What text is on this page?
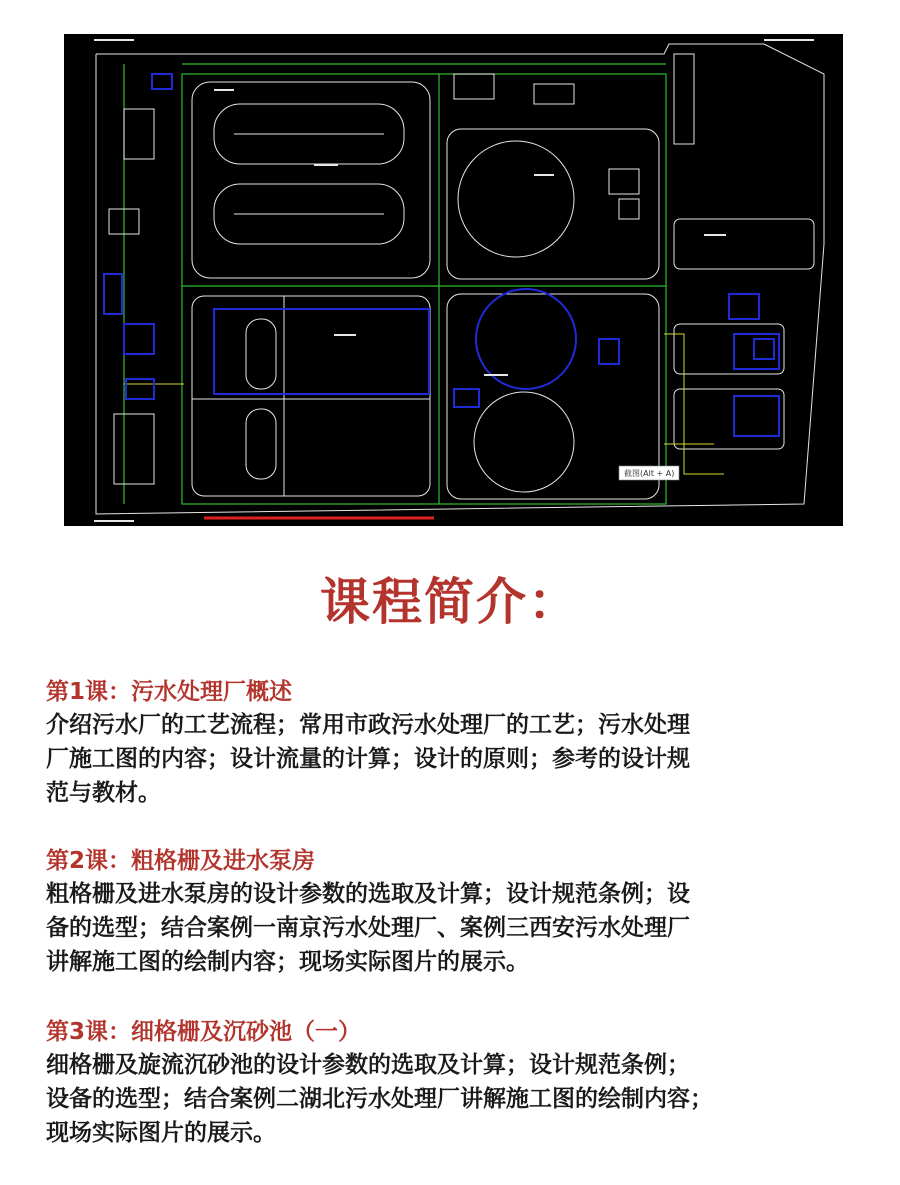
截图(Alt + A)
课程简介：
第1课：污水处理厂概述
介绍污水厂的工艺流程；常用市政污水处理厂的工艺；污水处理
厂施工图的内容；设计流量的计算；设计的原则；参考的设计规
范与教材。
第2课：粗格栅及进水泵房
粗格栅及进水泵房的设计参数的选取及计算；设计规范条例；设
备的选型；结合案例一南京污水处理厂、案例三西安污水处理厂
讲解施工图的绘制内容；现场实际图片的展示。
第3课：细格栅及沉砂池（一）
细格栅及旋流沉砂池的设计参数的选取及计算；设计规范条例；
设备的选型；结合案例二湖北污水处理厂讲解施工图的绘制内容；
现场实际图片的展示。
